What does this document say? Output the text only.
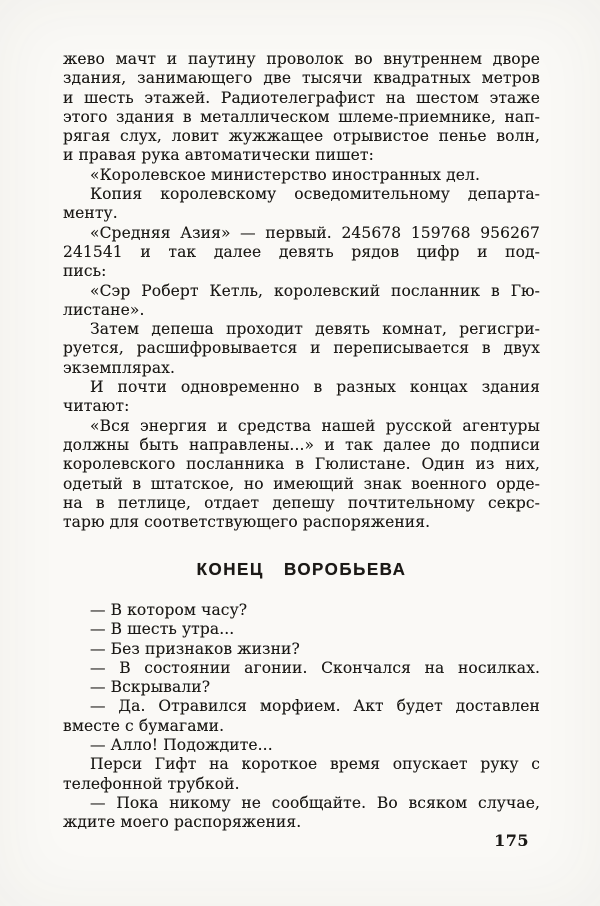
жево мачт и паутину проволок во внутреннем дворе
здания, занимающего две тысячи квадратных метров
и шесть этажей. Радиотелеграфист на шестом этаже
этого здания в металлическом шлеме-приемнике, нап-
рягая слух, ловит жужжащее отрывистое пенье волн,
и правая рука автоматически пишет:
«Королевское министерство иностранных дел.
Копия королевскому осведомительному департа-
менту.
«Средняя Азия» — первый. 245678 159768 956267
241541 и так далее девять рядов цифр и под-
пись:
«Сэр Роберт Кетль, королевский посланник в Гю-
листане».
Затем депеша проходит девять комнат, регисгри-
руется, расшифровывается и переписывается в двух
экземплярах.
И почти одновременно в разных концах здания
читают:
«Вся энергия и средства нашей русской агентуры
должны быть направлены...» и так далее до подписи
королевского посланника в Гюлистане. Один из них,
одетый в штатское, но имеющий знак военного орде-
на в петлице, отдает депешу почтительному секрс-
тарю для соответствующего распоряжения.
КОНЕЦ ВОРОБЬЕВА
— В котором часу?
— В шесть утра...
— Без признаков жизни?
— В состоянии агонии. Скончался на носилках.
— Вскрывали?
— Да. Отравился морфием. Акт будет доставлен
вместе с бумагами.
— Алло! Подождите...
Перси Гифт на короткое время опускает руку с
телефонной трубкой.
— Пока никому не сообщайте. Во всяком случае,
ждите моего распоряжения.
175
